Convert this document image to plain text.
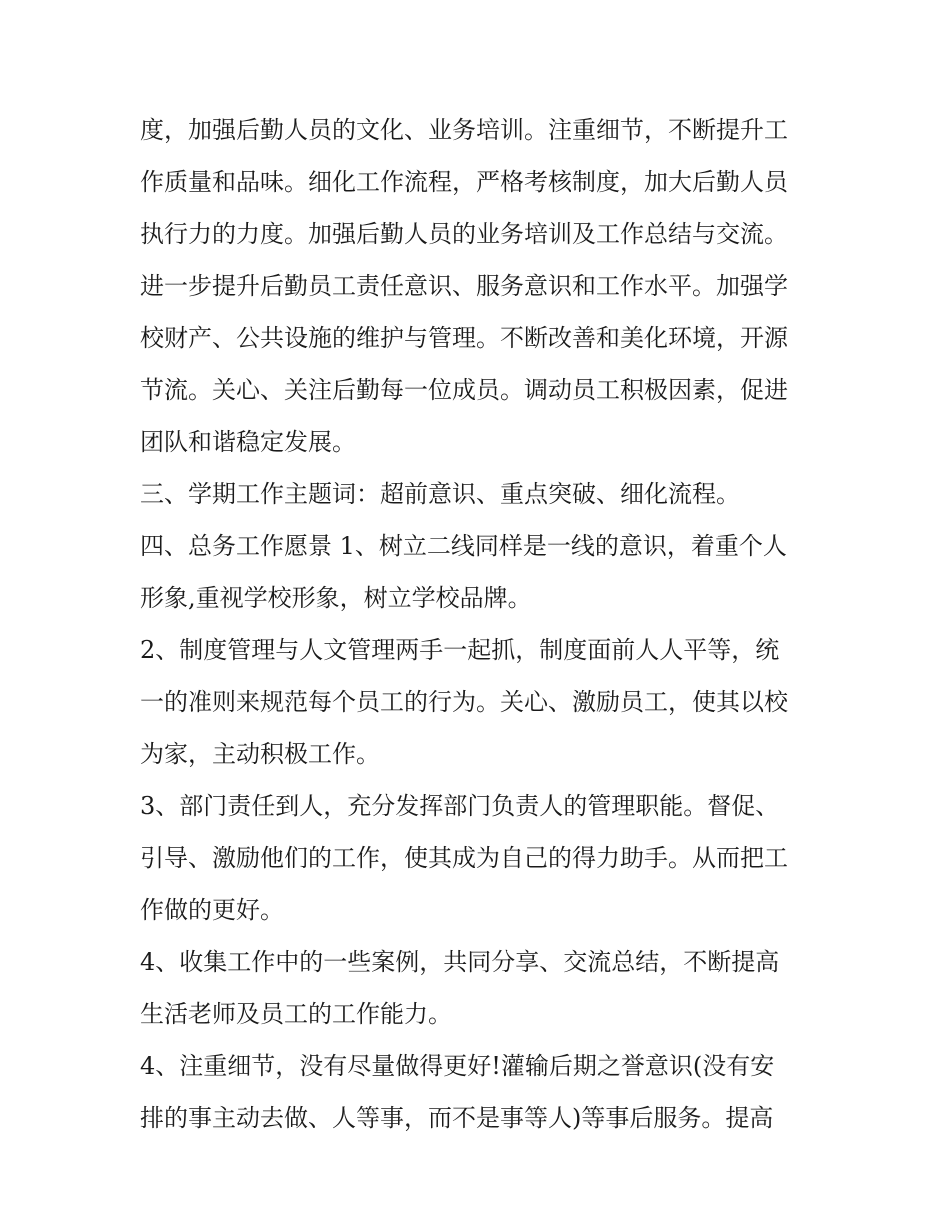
度，加强后勤人员的文化、业务培训。注重细节，不断提升工
作质量和品味。细化工作流程，严格考核制度，加大后勤人员
执行力的力度。加强后勤人员的业务培训及工作总结与交流。
进一步提升后勤员工责任意识、服务意识和工作水平。加强学
校财产、公共设施的维护与管理。不断改善和美化环境，开源
节流。关心、关注后勤每一位成员。调动员工积极因素，促进
团队和谐稳定发展。
三、学期工作主题词：超前意识、重点突破、细化流程。
四、总务工作愿景 1、树立二线同样是一线的意识，着重个人
形象,重视学校形象，树立学校品牌。
2、制度管理与人文管理两手一起抓，制度面前人人平等，统
一的准则来规范每个员工的行为。关心、激励员工，使其以校
为家，主动积极工作。
3、部门责任到人，充分发挥部门负责人的管理职能。督促、
引导、激励他们的工作，使其成为自己的得力助手。从而把工
作做的更好。
4、收集工作中的一些案例，共同分享、交流总结，不断提高
生活老师及员工的工作能力。
4、注重细节，没有尽量做得更好!灌输后期之誉意识(没有安
排的事主动去做、人等事，而不是事等人)等事后服务。提高
